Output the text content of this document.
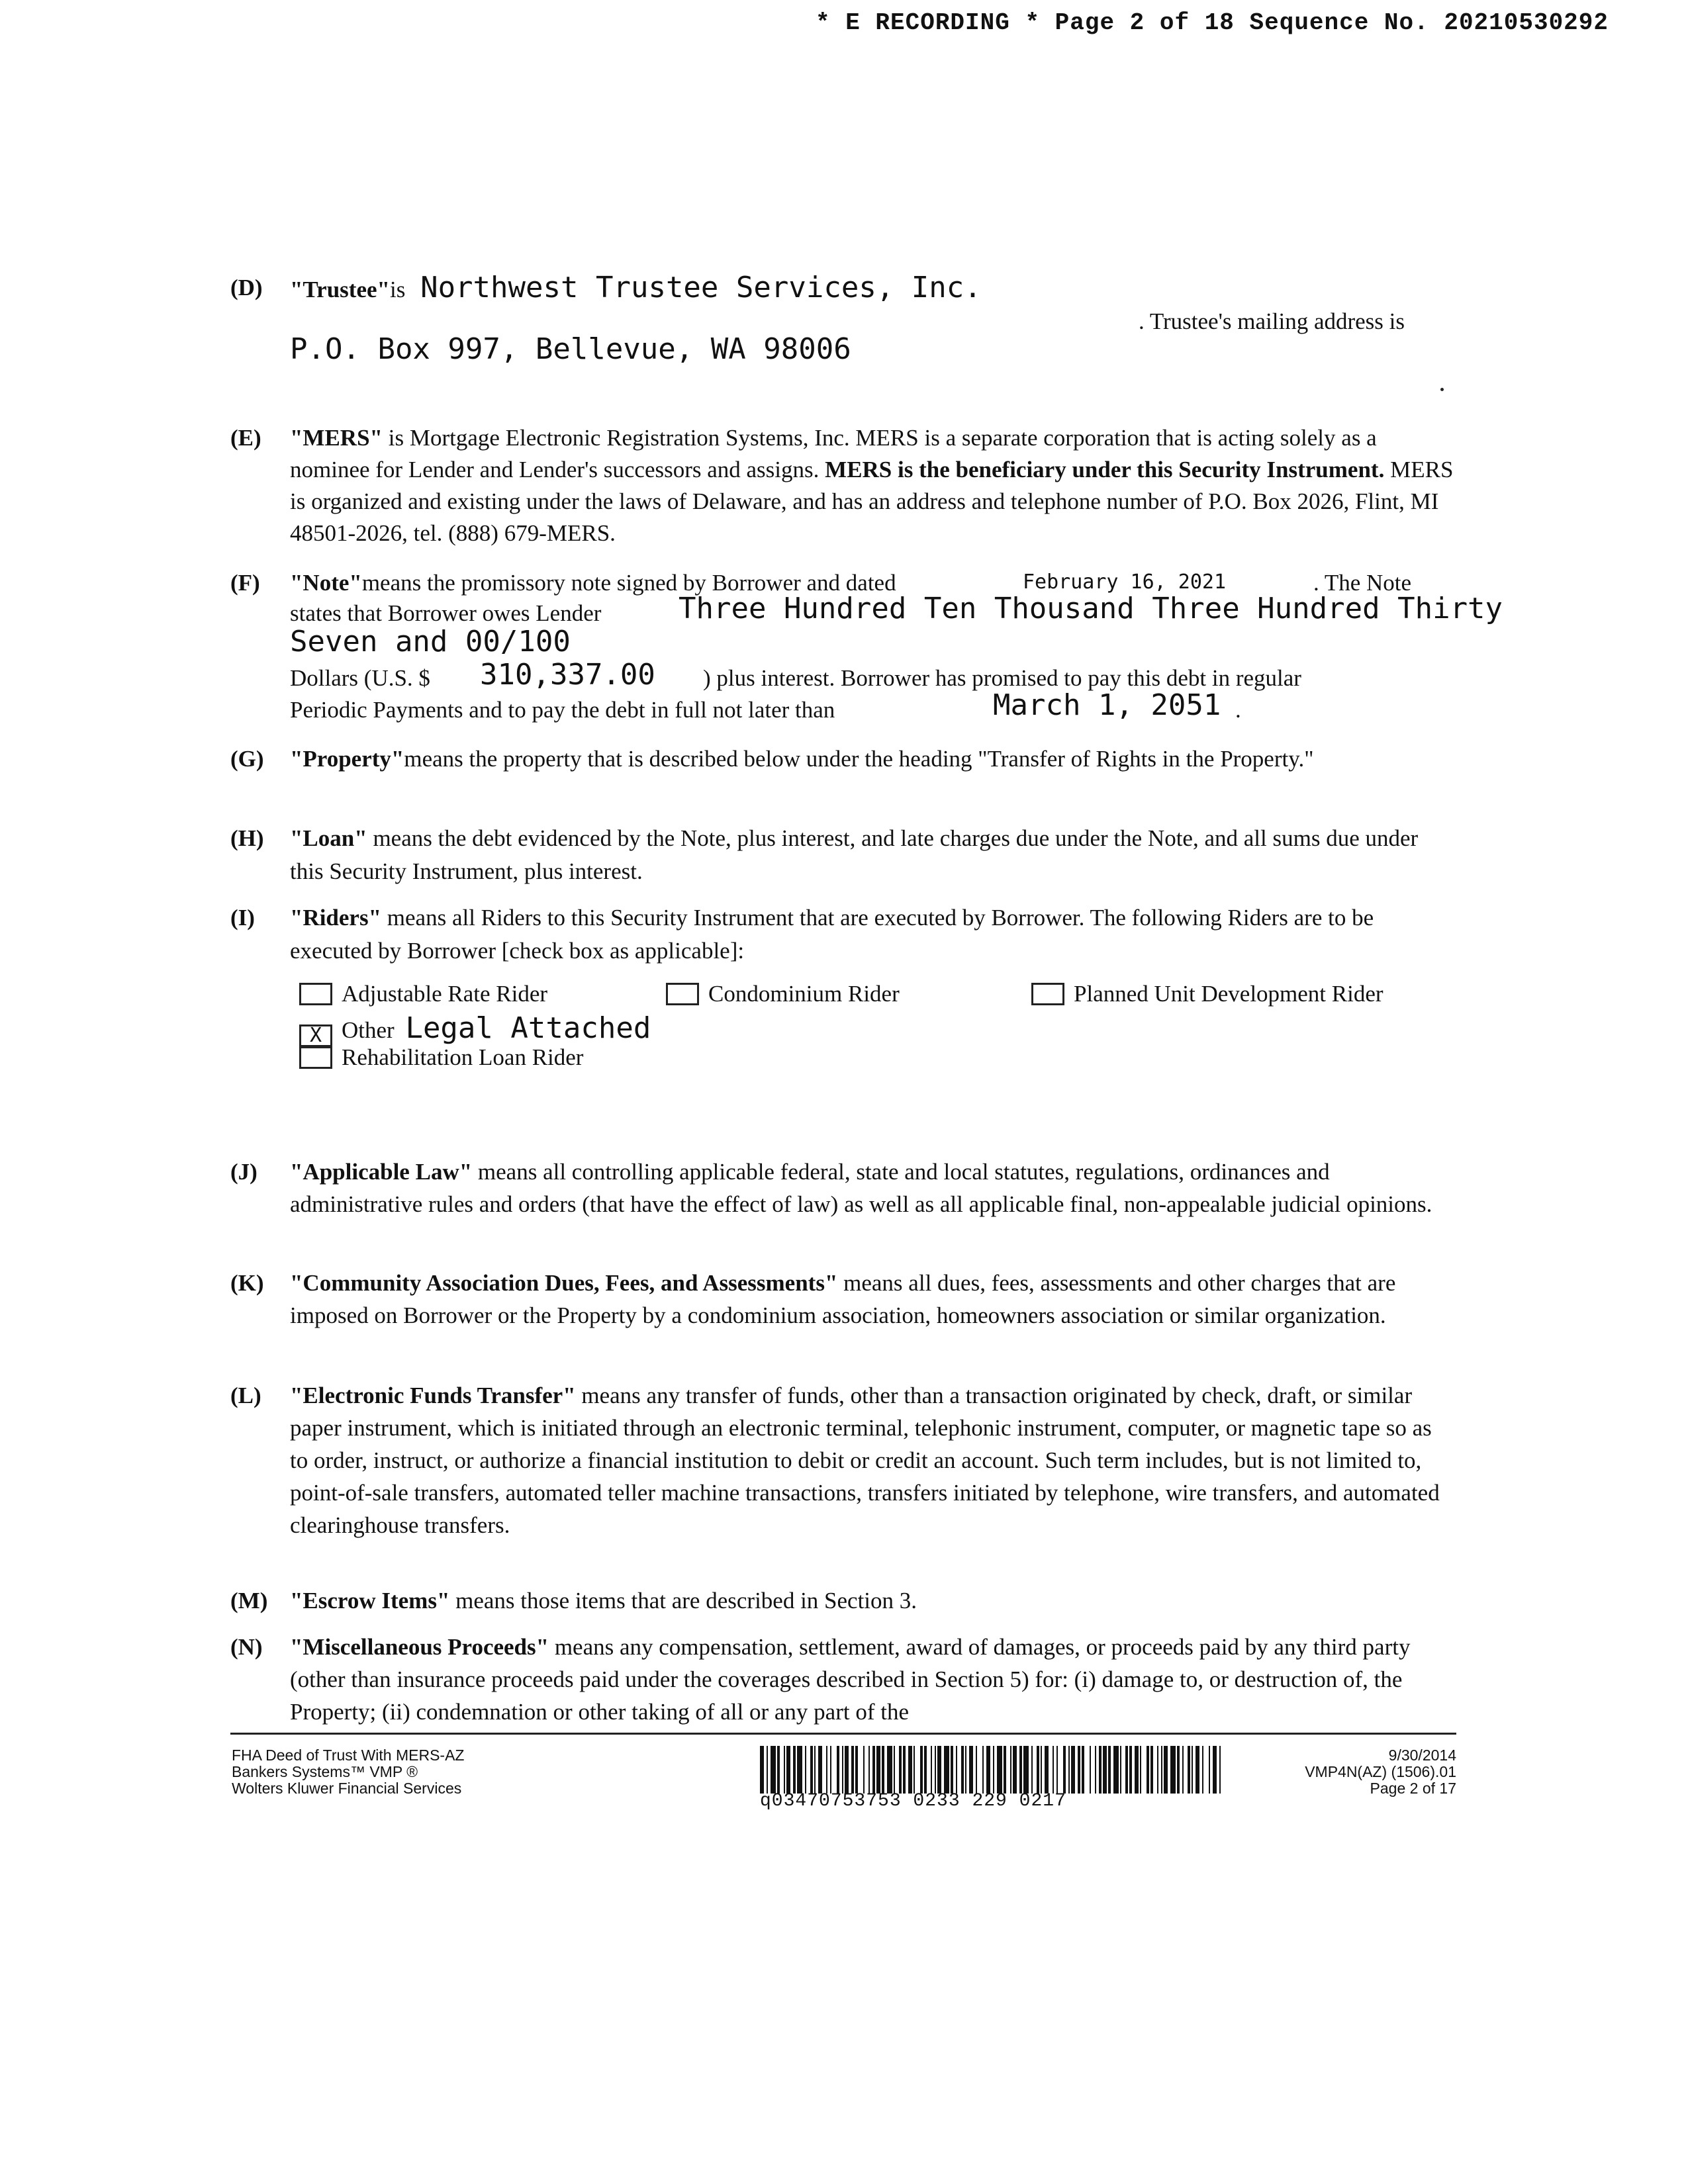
* E RECORDING * Page 2 of 18 Sequence No. 20210530292
(D) "Trustee"is Northwest Trustee Services, Inc.
. Trustee's mailing address is
P.O. Box 997, Bellevue, WA 98006
(E) "MERS" is Mortgage Electronic Registration Systems, Inc. MERS is a separate corporation that is acting solely as a nominee for Lender and Lender's successors and assigns. MERS is the beneficiary under this Security Instrument. MERS is organized and existing under the laws of Delaware, and has an address and telephone number of P.O. Box 2026, Flint, MI 48501-2026, tel. (888) 679-MERS.

(F) "Note"means the promissory note signed by Borrower and dated	February 16, 2021	. The Note
states that Borrower owes Lender	Three Hundred Ten Thousand Three Hundred Thirty
Seven and 00/100
Dollars (U.S. $ 310,337.00 ) plus interest. Borrower has promised to pay this debt in regular
Periodic Payments and to pay the debt in full not later than	March 1, 2051 .
(G) "Property"means the property that is described below under the heading "Transfer of Rights in the Property."

(H) "Loan" means the debt evidenced by the Note, plus interest, and late charges due under the Note, and all sums due under this Security Instrument, plus interest.

(I) "Riders" means all Riders to this Security Instrument that are executed by Borrower. The following Riders are to be executed by Borrower [check box as applicable]:

Adjustable Rate Rider	Condominium Rider	Planned Unit Development Rider
X Other Legal Attached
Rehabilitation Loan Rider
(J) "Applicable Law" means all controlling applicable federal, state and local statutes, regulations, ordinances and administrative rules and orders (that have the effect of law) as well as all applicable final, non-appealable judicial opinions.

(K) "Community Association Dues, Fees, and Assessments" means all dues, fees, assessments and other charges that are imposed on Borrower or the Property by a condominium association, homeowners association or similar organization.

(L) "Electronic Funds Transfer" means any transfer of funds, other than a transaction originated by check, draft, or similar paper instrument, which is initiated through an electronic terminal, telephonic instrument, computer, or magnetic tape so as to order, instruct, or authorize a financial institution to debit or credit an account. Such term includes, but is not limited to, point-of-sale transfers, automated teller machine transactions, transfers initiated by telephone, wire transfers, and automated clearinghouse transfers.

(M) "Escrow Items" means those items that are described in Section 3.

(N) "Miscellaneous Proceeds" means any compensation, settlement, award of damages, or proceeds paid by any third party (other than insurance proceeds paid under the coverages described in Section 5) for: (i) damage to, or destruction of, the Property; (ii) condemnation or other taking of all or any part of the

FHA Deed of Trust With MERS-AZ
Bankers Systems™ VMP ®
Wolters Kluwer Financial Services
q03470753753 0233 229 0217
9/30/2014
VMP4N(AZ) (1506).01
Page 2 of 17
